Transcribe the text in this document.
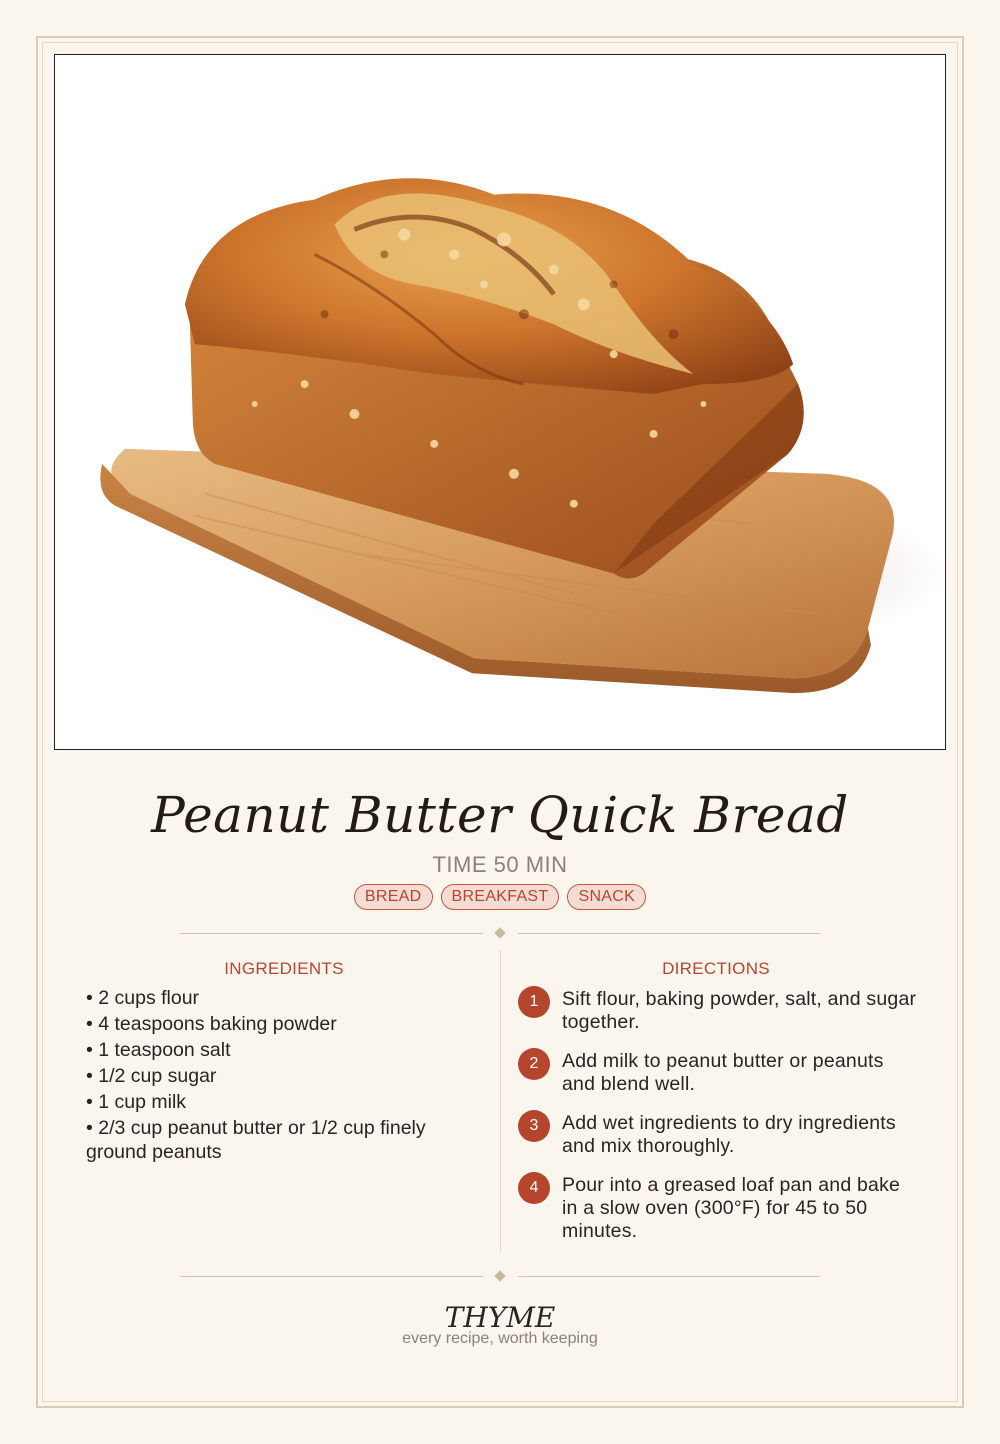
Peanut Butter Quick Bread
TIME 50 MIN
BREAD	BREAKFAST	SNACK
INGREDIENTS
• 2 cups flour
• 4 teaspoons baking powder
• 1 teaspoon salt
• 1/2 cup sugar
• 1 cup milk
• 2/3 cup peanut butter or 1/2 cup finely ground peanuts
DIRECTIONS
1	Sift flour, baking powder, salt, and sugar together.
2	Add milk to peanut butter or peanuts and blend well.
3	Add wet ingredients to dry ingredients and mix thoroughly.
4	Pour into a greased loaf pan and bake in a slow oven (300°F) for 45 to 50 minutes.
THYME
every recipe, worth keeping
